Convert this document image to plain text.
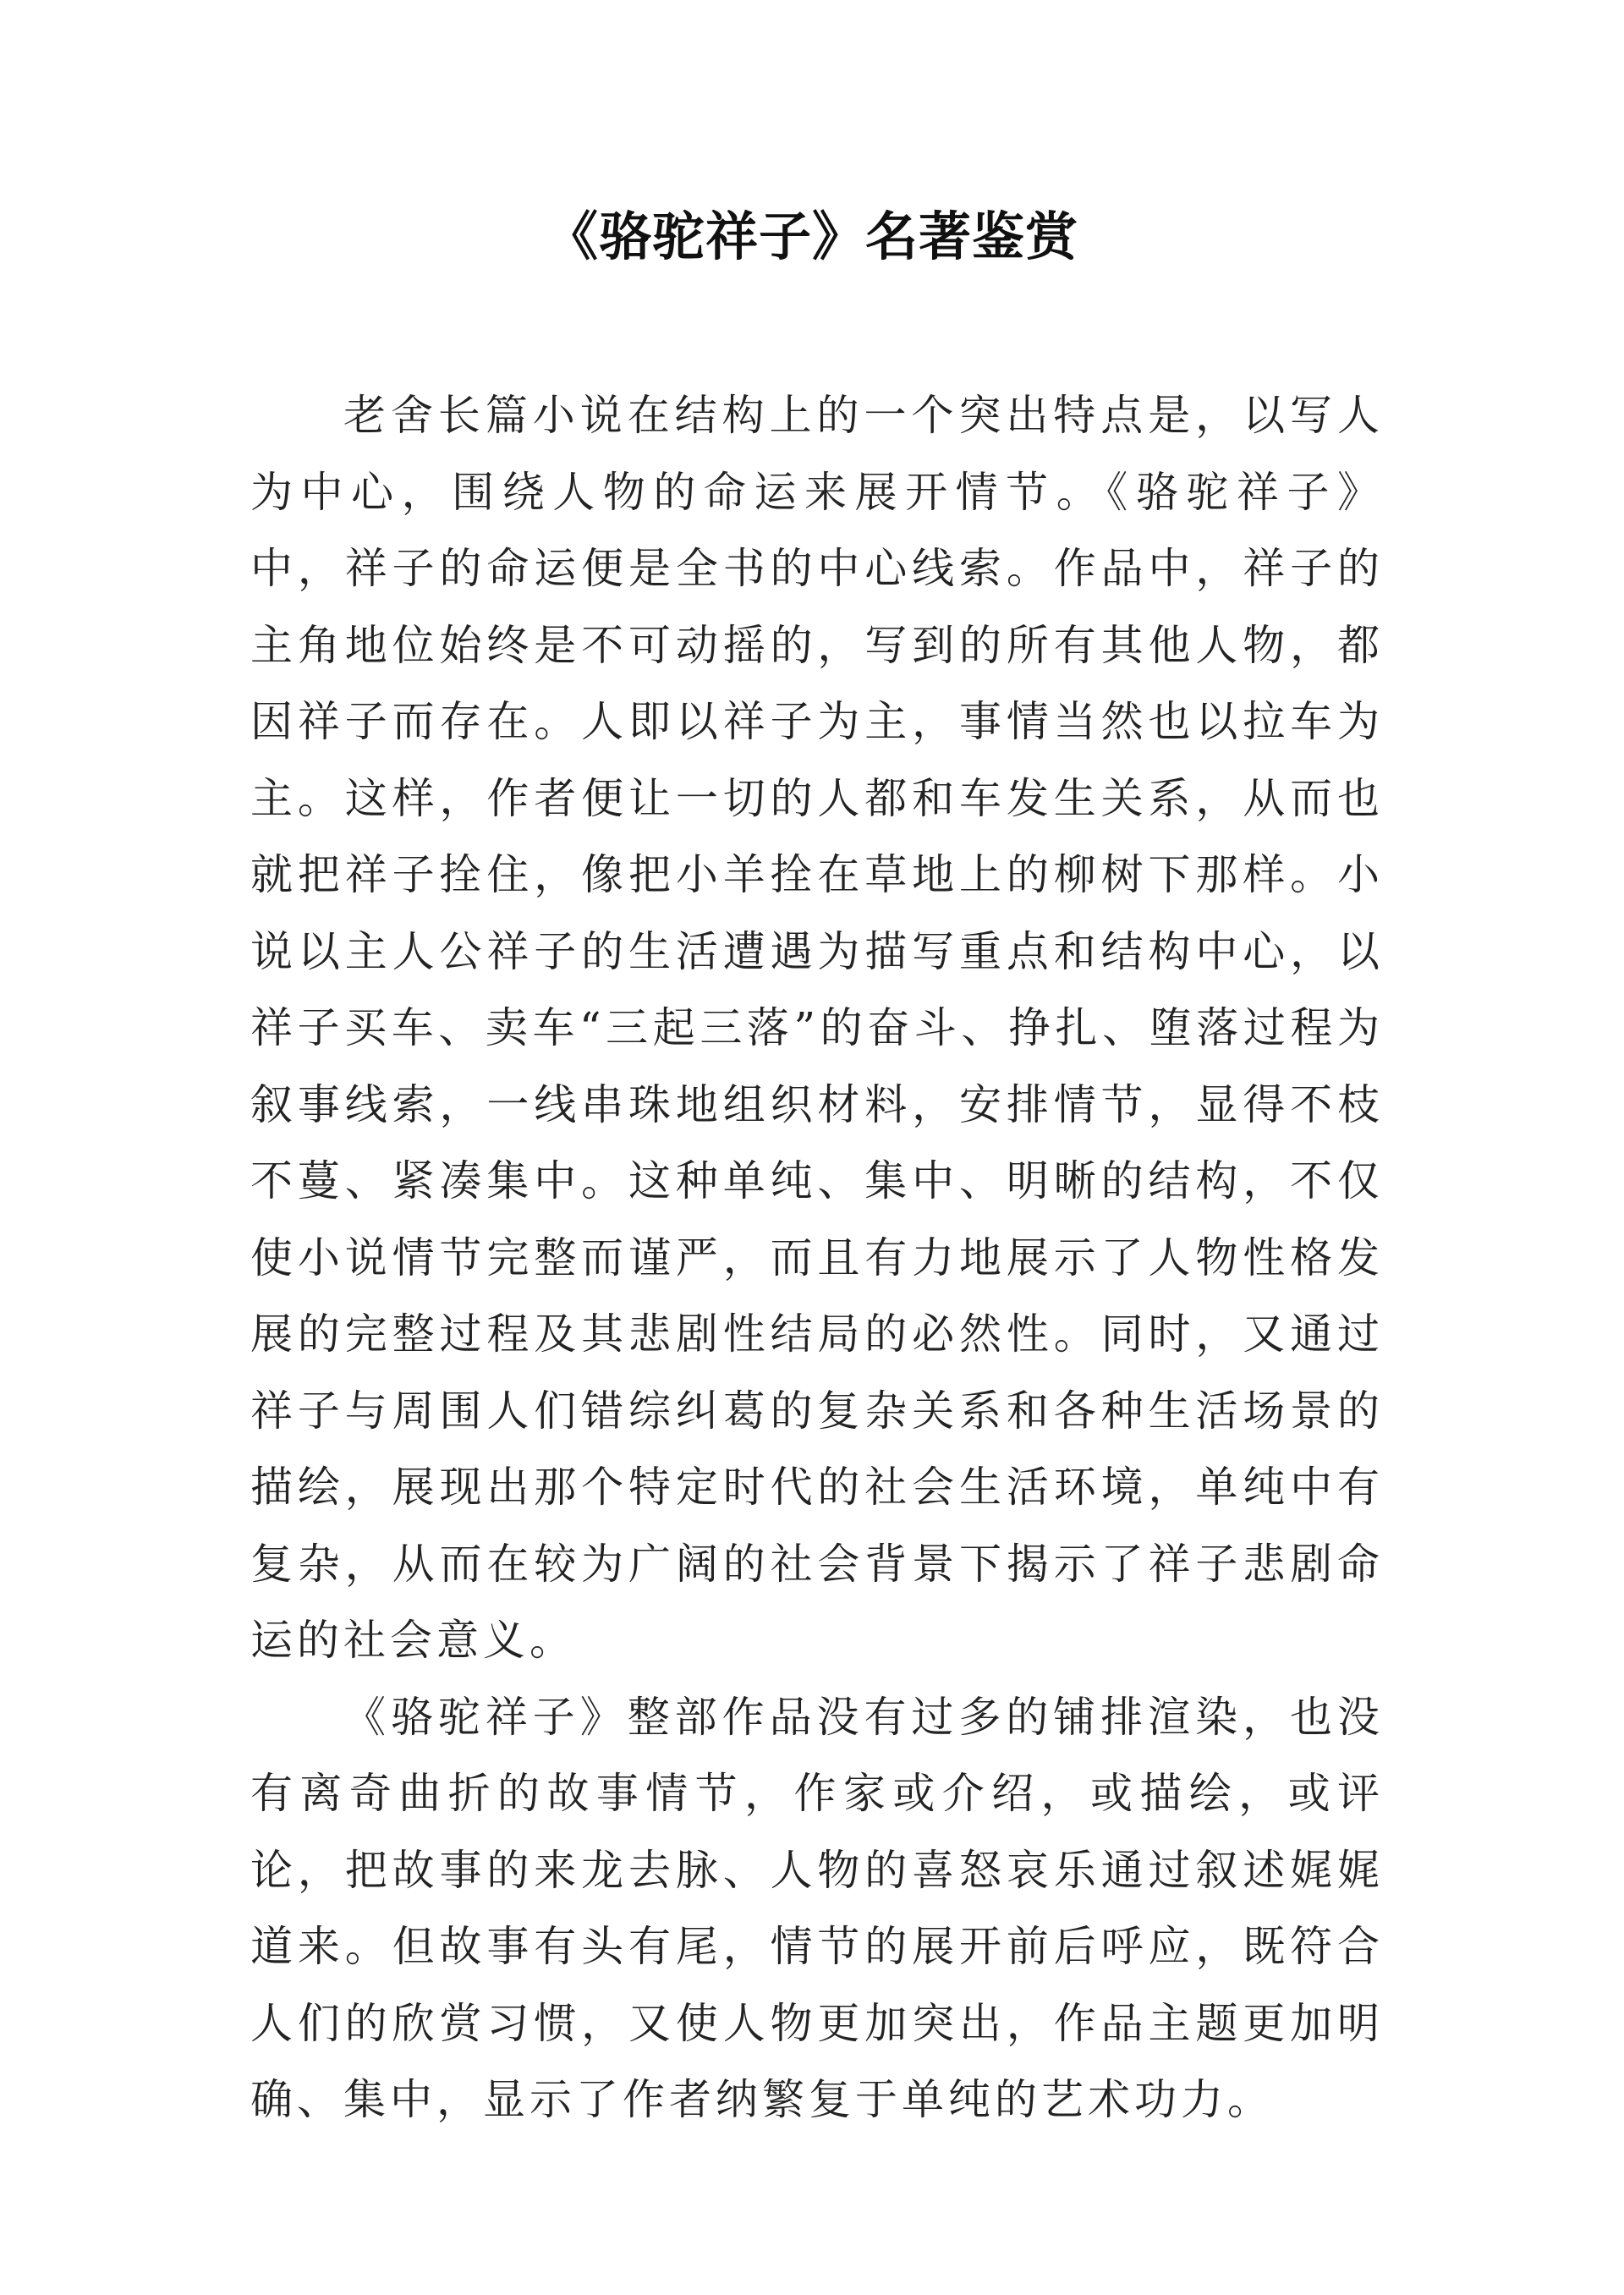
《骆驼祥子》名著鉴赏

老舍长篇小说在结构上的一个突出特点是，以写人为中心，围绕人物的命运来展开情节。《骆驼祥子》中，祥子的命运便是全书的中心线索。作品中，祥子的主角地位始终是不可动摇的，写到的所有其他人物，都因祥子而存在。人即以祥子为主，事情当然也以拉车为主。这样，作者便让一切的人都和车发生关系，从而也就把祥子拴住，像把小羊拴在草地上的柳树下那样。小说以主人公祥子的生活遭遇为描写重点和结构中心，以祥子买车、卖车“三起三落”的奋斗、挣扎、堕落过程为叙事线索，一线串珠地组织材料，安排情节，显得不枝不蔓、紧凑集中。这种单纯、集中、明晰的结构，不仅使小说情节完整而谨严，而且有力地展示了人物性格发展的完整过程及其悲剧性结局的必然性。同时，又通过祥子与周围人们错综纠葛的复杂关系和各种生活场景的描绘，展现出那个特定时代的社会生活环境，单纯中有复杂，从而在较为广阔的社会背景下揭示了祥子悲剧命运的社会意义。

《骆驼祥子》整部作品没有过多的铺排渲染，也没有离奇曲折的故事情节，作家或介绍，或描绘，或评论，把故事的来龙去脉、人物的喜怒哀乐通过叙述娓娓道来。但故事有头有尾，情节的展开前后呼应，既符合人们的欣赏习惯，又使人物更加突出，作品主题更加明确、集中，显示了作者纳繁复于单纯的艺术功力。
